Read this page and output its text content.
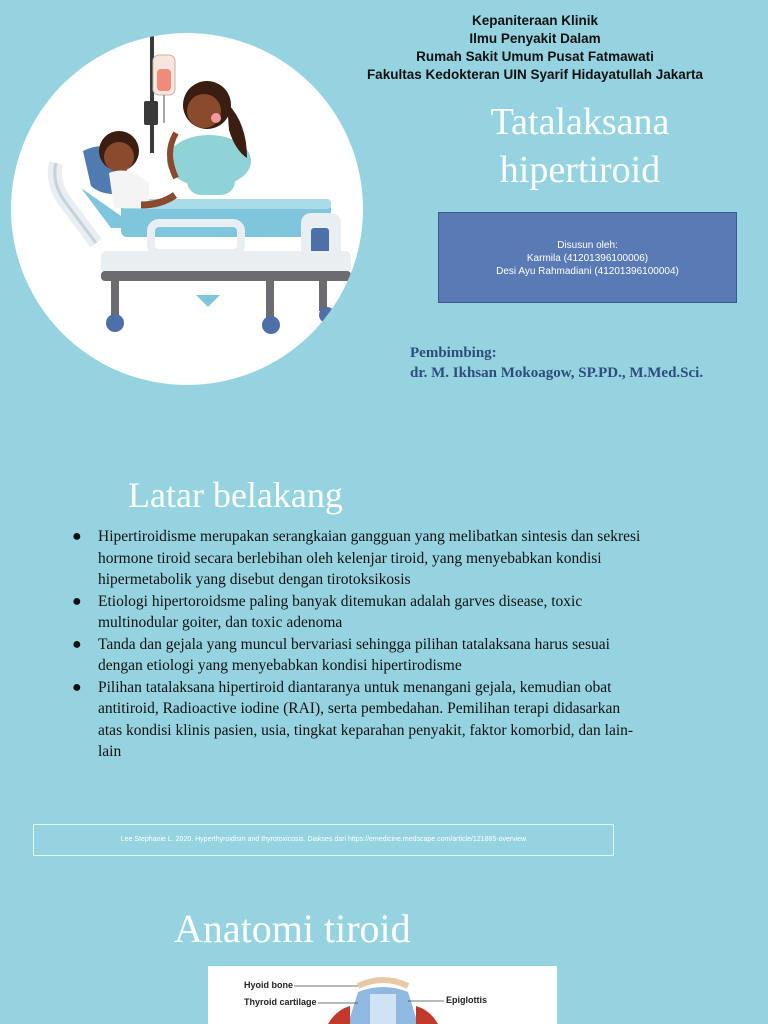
Kepaniteraan Klinik
Ilmu Penyakit Dalam
Rumah Sakit Umum Pusat Fatmawati
Fakultas Kedokteran UIN Syarif Hidayatullah Jakarta
Tatalaksana
hipertiroid
Disusun oleh:
Karmila (41201396100006)
Desi Ayu Rahmadiani (41201396100004)
Pembimbing:
dr. M. Ikhsan Mokoagow, SP.PD., M.Med.Sci.
Latar belakang
● Hipertiroidisme merupakan serangkaian gangguan yang melibatkan sintesis dan sekresi hormone tiroid secara berlebihan oleh kelenjar tiroid, yang menyebabkan kondisi hipermetabolik yang disebut dengan tirotoksikosis
● Etiologi hipertoroidsme paling banyak ditemukan adalah garves disease, toxic multinodular goiter, dan toxic adenoma
● Tanda dan gejala yang muncul bervariasi sehingga pilihan tatalaksana harus sesuai dengan etiologi yang menyebabkan kondisi hipertirodisme
● Pilihan tatalaksana hipertiroid diantaranya untuk menangani gejala, kemudian obat antitiroid, Radioactive iodine (RAI), serta pembedahan. Pemilihan terapi didasarkan atas kondisi klinis pasien, usia, tingkat keparahan penyakit, faktor komorbid, dan lain-lain
Lee Stephanie L. 2020. Hyperthyroidism and thyrotoxicosis. Diakses dari https://emedicine.medscape.com/article/121865-overview
Anatomi tiroid
Hyoid bone
Thyroid cartilage	Epiglottis
